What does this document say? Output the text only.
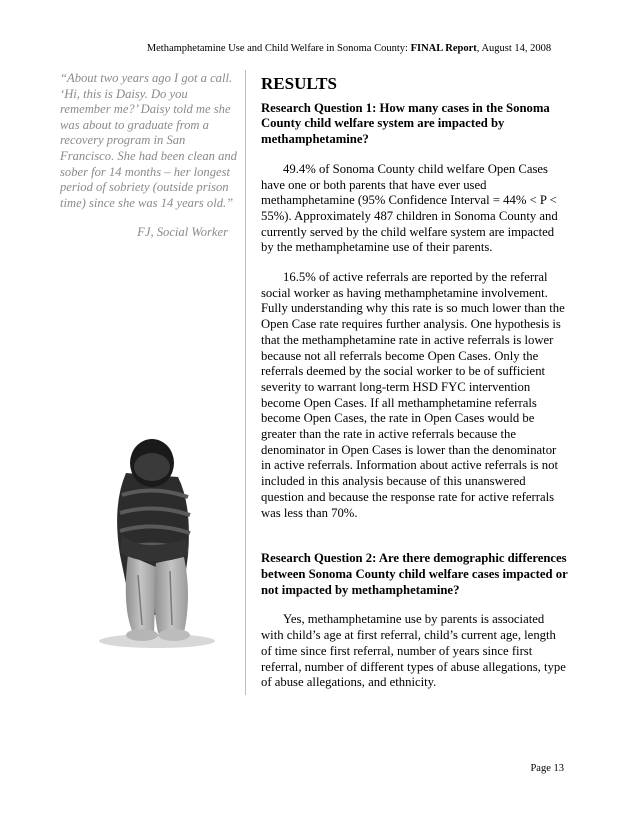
Methamphetamine Use and Child Welfare in Sonoma County: FINAL Report, August 14, 2008
“About two years ago I got a call. ‘Hi, this is Daisy. Do you remember me?’ Daisy told me she was about to graduate from a recovery program in San Francisco. She had been clean and sober for 14 months – her longest period of sobriety (outside prison time) since she was 14 years old.”
FJ, Social Worker
RESULTS

Research Question 1: How many cases in the Sonoma County child welfare system are impacted by methamphetamine?

49.4% of Sonoma County child welfare Open Cases have one or both parents that have ever used methamphetamine (95% Confidence Interval = 44% < P < 55%). Approximately 487 children in Sonoma County and currently served by the child welfare system are impacted by the methamphetamine use of their parents.

16.5% of active referrals are reported by the referral social worker as having methamphetamine involvement. Fully understanding why this rate is so much lower than the Open Case rate requires further analysis. One hypothesis is that the methamphetamine rate in active referrals is lower because not all referrals become Open Cases. Only the referrals deemed by the social worker to be of sufficient severity to warrant long-term HSD FYC intervention become Open Cases. If all methamphetamine referrals become Open Cases, the rate in Open Cases would be greater than the rate in active referrals because the denominator in Open Cases is lower than the denominator in active referrals. Information about active referrals is not included in this analysis because of this unanswered question and because the response rate for active referrals was less than 70%.

Research Question 2: Are there demographic differences between Sonoma County child welfare cases impacted or not impacted by methamphetamine?

Yes, methamphetamine use by parents is associated with child’s age at first referral, child’s current age, length of time since first referral, number of years since first referral, number of different types of abuse allegations, type of abuse allegations, and ethnicity.

Page 13
